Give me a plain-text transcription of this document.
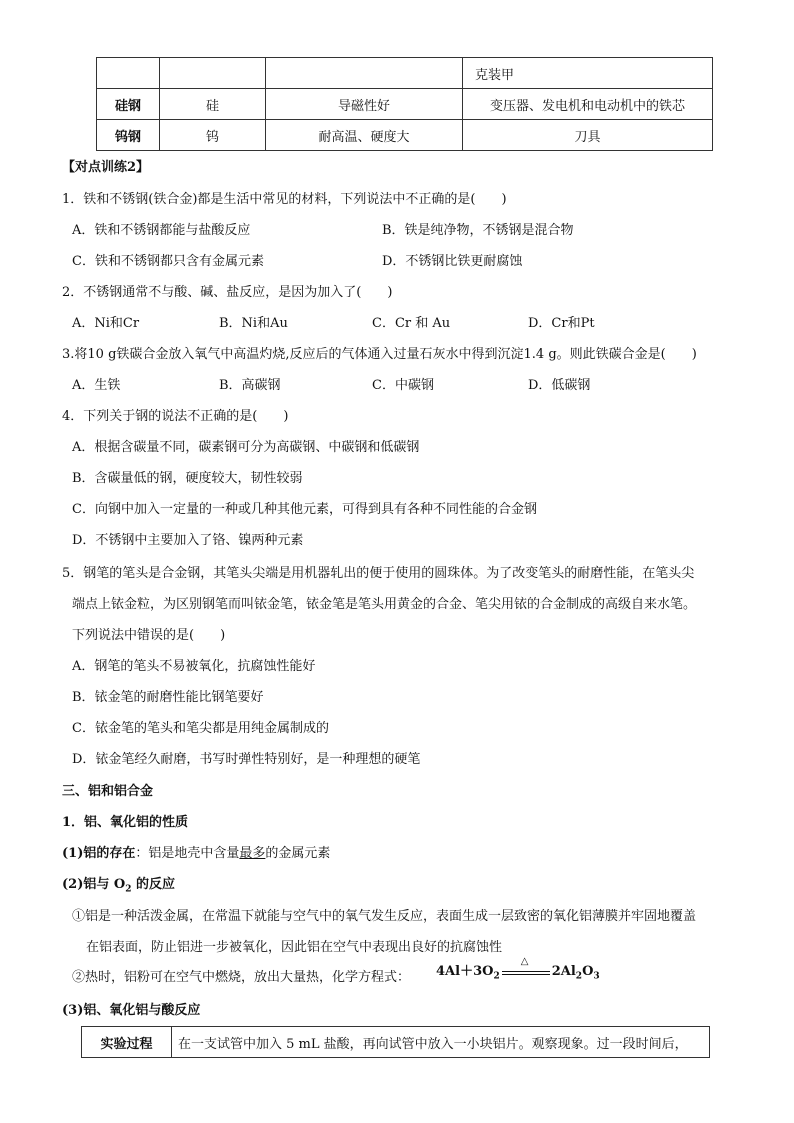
			克装甲
硅钢	硅	导磁性好	变压器、发电机和电动机中的铁芯
钨钢	钨	耐高温、硬度大	刀具
【对点训练2】
1．铁和不锈钢(铁合金)都是生活中常见的材料，下列说法中不正确的是(　　)
A．铁和不锈钢都能与盐酸反应	B．铁是纯净物，不锈钢是混合物
C．铁和不锈钢都只含有金属元素	D．不锈钢比铁更耐腐蚀
2．不锈钢通常不与酸、碱、盐反应，是因为加入了(　　)
A．Ni和Cr	B．Ni和Au	C．Cr 和 Au	D．Cr和Pt
3.将10 g铁碳合金放入氧气中高温灼烧,反应后的气体通入过量石灰水中得到沉淀1.4 g。则此铁碳合金是(　　)
A．生铁	B．高碳钢	C．中碳钢	D．低碳钢
4．下列关于钢的说法不正确的是(　　)
A．根据含碳量不同，碳素钢可分为高碳钢、中碳钢和低碳钢
B．含碳量低的钢，硬度较大，韧性较弱
C．向钢中加入一定量的一种或几种其他元素，可得到具有各种不同性能的合金钢
D．不锈钢中主要加入了铬、镍两种元素
5．钢笔的笔头是合金钢，其笔头尖端是用机器轧出的便于使用的圆珠体。为了改变笔头的耐磨性能，在笔头尖
端点上铱金粒，为区别钢笔而叫铱金笔，铱金笔是笔头用黄金的合金、笔尖用铱的合金制成的高级自来水笔。
下列说法中错误的是(　　)
A．钢笔的笔头不易被氧化，抗腐蚀性能好
B．铱金笔的耐磨性能比钢笔要好
C．铱金笔的笔头和笔尖都是用纯金属制成的
D．铱金笔经久耐磨，书写时弹性特别好，是一种理想的硬笔
三、铝和铝合金
1．铝、氧化铝的性质
(1)铝的存在：铝是地壳中含量最多的金属元素
(2)铝与 $O_2$ 的反应
①铝是一种活泼金属，在常温下就能与空气中的氧气发生反应，表面生成一层致密的氧化铝薄膜并牢固地覆盖
在铝表面，防止铝进一步被氧化，因此铝在空气中表现出良好的抗腐蚀性
②热时，铝粉可在空气中燃烧，放出大量热，化学方程式： $4Al+3O_2$
△
$2Al_2O_3$
(3)铝、氧化铝与酸反应
实验过程	在一支试管中加入 5 mL 盐酸，再向试管中放入一小块铝片。观察现象。过一段时间后，
